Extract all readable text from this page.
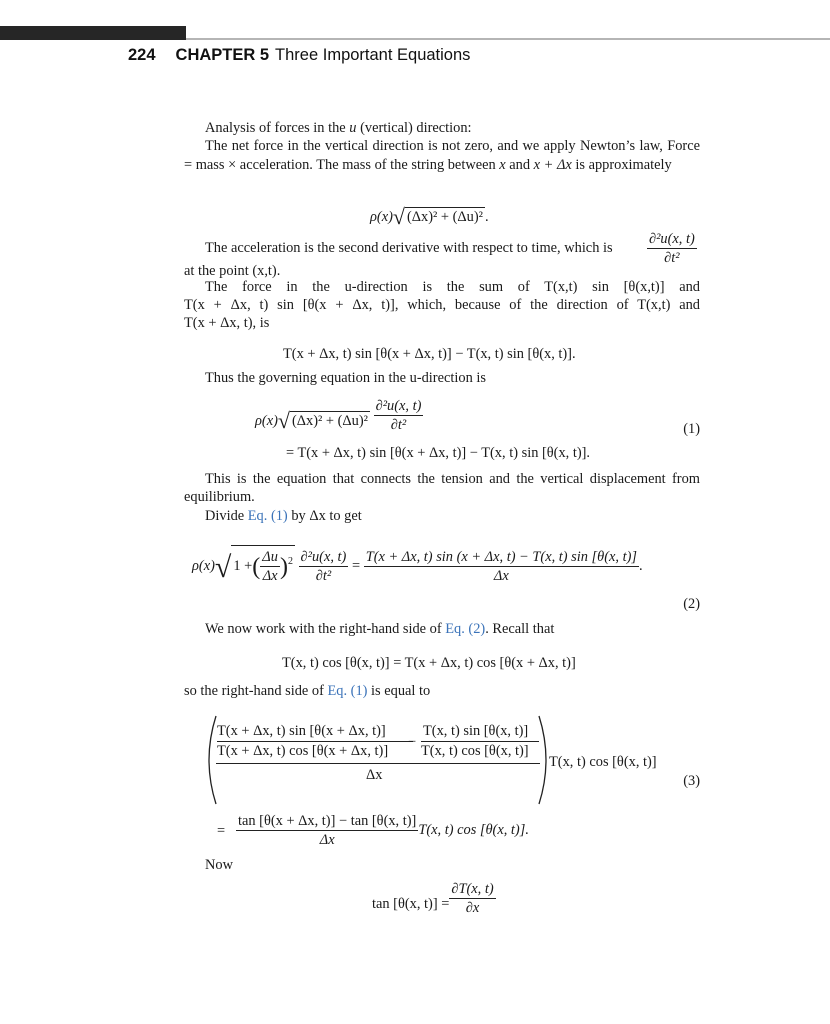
224 CHAPTER 5 Three Important Equations
Analysis of forces in the u (vertical) direction:
The net force in the vertical direction is not zero, and we apply Newton’s law, Force = mass × acceleration. The mass of the string between x and x + Δx is approximately
ρ(x)√ (Δx)² + (Δu)² .
The acceleration is the second derivative with respect to time, which is $\frac{\text{∂²u(x, t)}}{\text{∂t²}}$
at the point (x,t).
The force in the u-direction is the sum of T(x,t) sin [θ(x,t)] and
T(x + Δx, t) sin [θ(x + Δx, t)], which, because of the direction of T(x,t) and
T(x + Δx, t), is
T(x + Δx, t) sin [θ(x + Δx, t)] − T(x, t) sin [θ(x, t)].
Thus the governing equation in the u-direction is
ρ(x)√ $(\Delta x)^2 + (\Delta u)^2 \frac{\text{∂²u(x, t)}}{\text{∂t²}}$	(1)
= T(x + Δx, t) sin [θ(x + Δx, t)] − T(x, t) sin [θ(x, t)].
This is the equation that connects the tension and the vertical displacement from equilibrium.
Divide Eq. (1) by Δx to get
ρ(x)√ 1 +( $\frac{\Delta u}{\Delta x} )^2 \frac{\text{∂²u(x, t)}}{\text{∂t²}} = \frac{T(x + \Delta x, t) \sin (x + \Delta x, t) - T(x, t) \sin [\theta(x, t)]}{\Delta x}$ .
(2)
We now work with the right-hand side of Eq. (2). Recall that
T(x, t) cos [θ(x, t)] = T(x + Δx, t) cos [θ(x + Δx, t)]
so the right-hand side of Eq. (1) is equal to
T(x + Δx, t) sin [θ(x + Δx, t)]
T(x + Δx, t) cos [θ(x + Δx, t)]
−
T(x, t) sin [θ(x, t)]
T(x, t) cos [θ(x, t)]
Δx
T(x, t) cos [θ(x, t)]
(3)
= $\frac{\tan [\theta(x + \Delta x, t)] - \tan [\theta(x, t)]}{\Delta x} T(x$, t) cos [θ(x, t)].
Now
tan [θ(x, $t)] = \frac{\partial T(x, t)}{\partial x}$
